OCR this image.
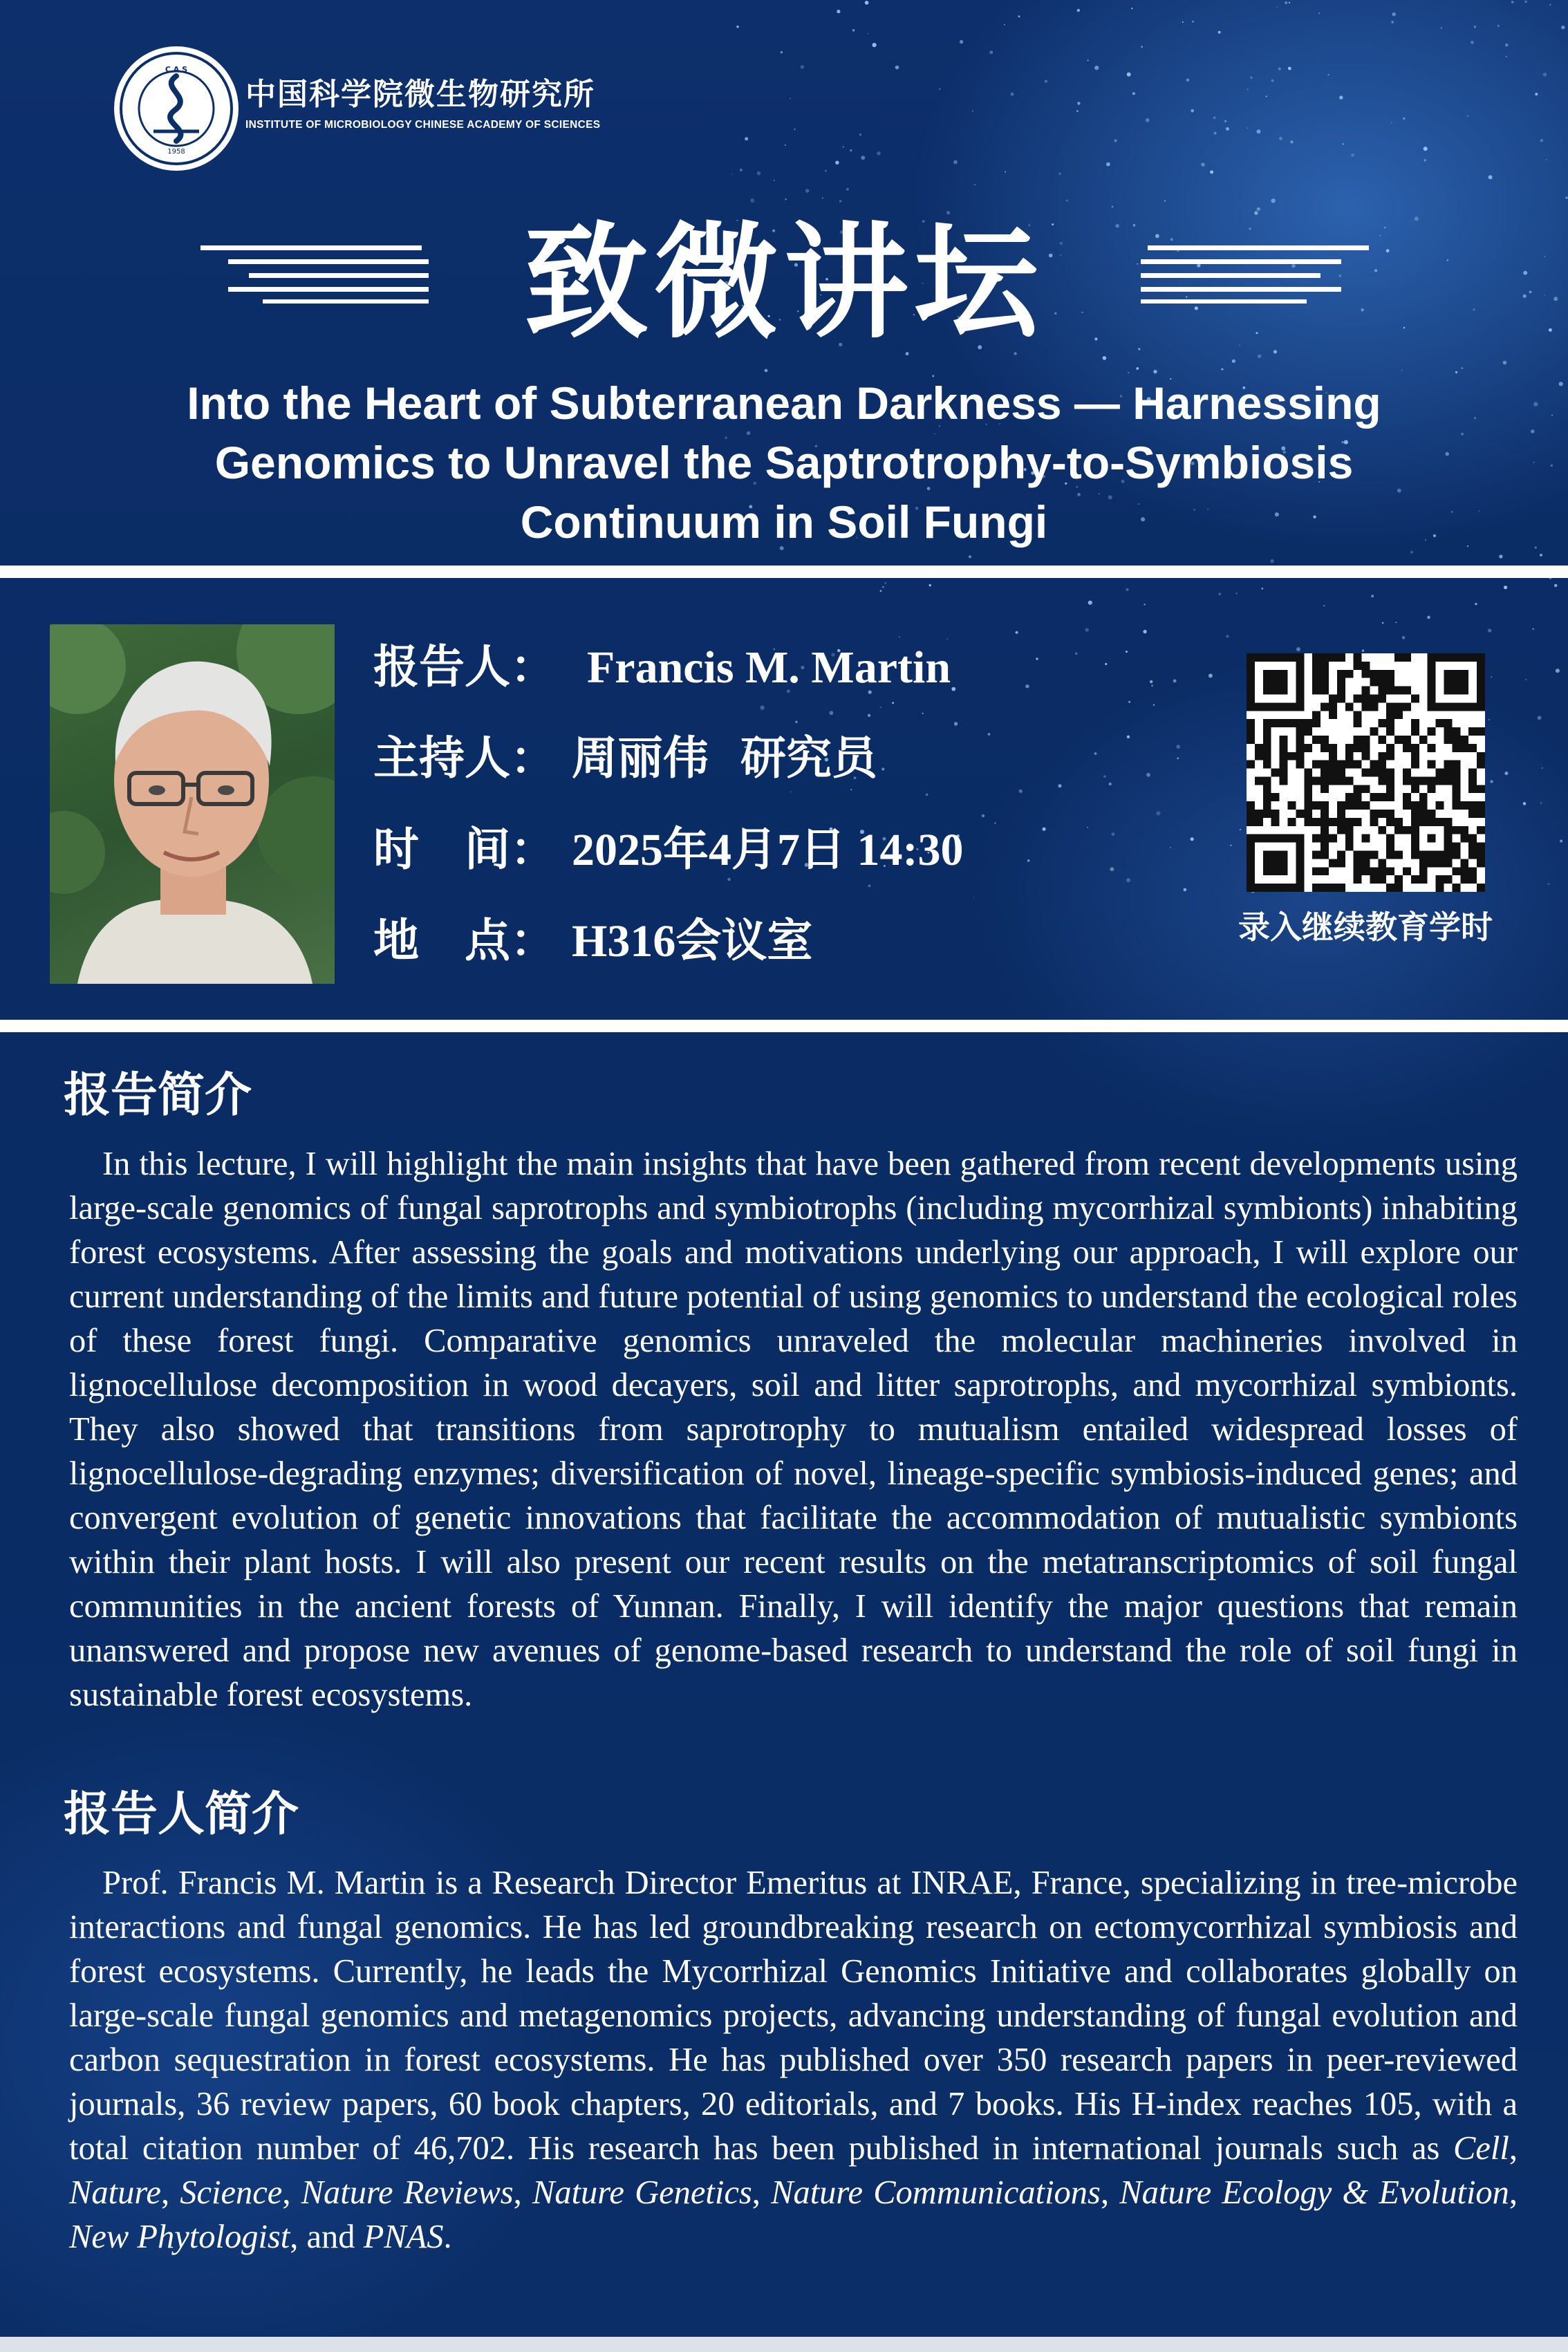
C A S
1958
中国科学院微生物研究所
INSTITUTE OF MICROBIOLOGY CHINESE ACADEMY OF SCIENCES
致微讲坛
Into the Heart of Subterranean Darkness — Harnessing
Genomics to Unravel the Saptrotrophy-to-Symbiosis
Continuum in Soil Fungi
报告人： Francis M. Martin
主持人： 周丽伟  研究员
时　间： 2025年4月7日 14:30
地　点： H316会议室	录入继续教育学时
报告简介
In this lecture, I will highlight the main insights that have been gathered from recent developments using large-scale genomics of fungal saprotrophs and symbiotrophs (including mycorrhizal symbionts) inhabiting forest ecosystems. After assessing the goals and motivations underlying our approach, I will explore our current understanding of the limits and future potential of using genomics to understand the ecological roles of these forest fungi. Comparative genomics unraveled the molecular machineries involved in lignocellulose decomposition in wood decayers, soil and litter saprotrophs, and mycorrhizal symbionts. They also showed that transitions from saprotrophy to mutualism entailed widespread losses of lignocellulose-degrading enzymes; diversification of novel, lineage-specific symbiosis-induced genes; and convergent evolution of genetic innovations that facilitate the accommodation of mutualistic symbionts within their plant hosts. I will also present our recent results on the metatranscriptomics of soil fungal communities in the ancient forests of Yunnan. Finally, I will identify the major questions that remain unanswered and propose new avenues of genome-based research to understand the role of soil fungi in sustainable forest ecosystems.
报告人简介
Prof. Francis M. Martin is a Research Director Emeritus at INRAE, France, specializing in tree-microbe interactions and fungal genomics. He has led groundbreaking research on ectomycorrhizal symbiosis and forest ecosystems. Currently, he leads the Mycorrhizal Genomics Initiative and collaborates globally on large-scale fungal genomics and metagenomics projects, advancing understanding of fungal evolution and carbon sequestration in forest ecosystems. He has published over 350 research papers in peer-reviewed journals, 36 review papers, 60 book chapters, 20 editorials, and 7 books. His H-index reaches 105, with a total citation number of 46,702. His research has been published in international journals such as Cell, Nature, Science, Nature Reviews, Nature Genetics, Nature Communications, Nature Ecology & Evolution, New Phytologist, and PNAS.
